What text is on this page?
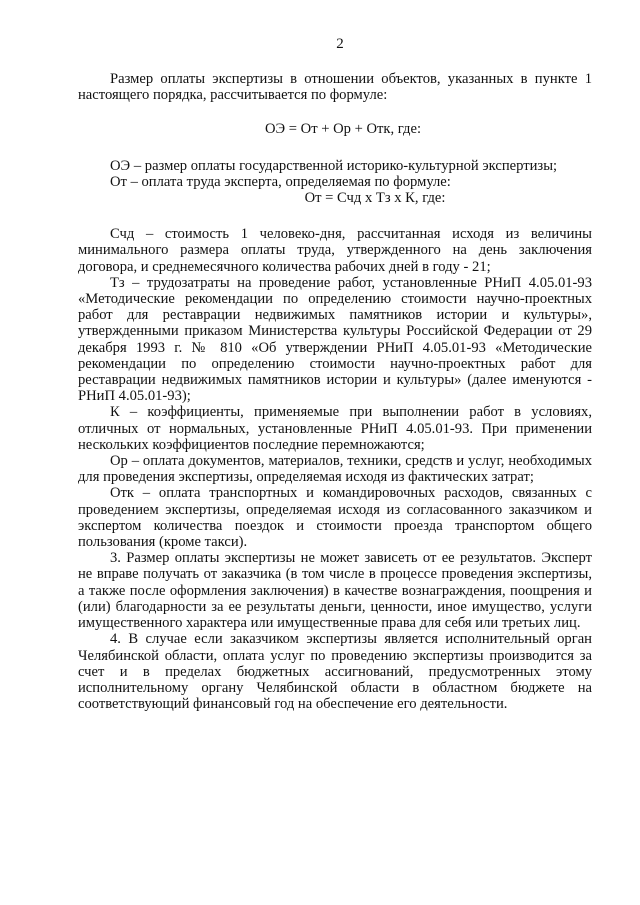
2

Размер оплаты экспертизы в отношении объектов, указанных в пункте 1 настоящего порядка, рассчитывается по формуле:

ОЭ = От + Ор + Отк, где:

ОЭ – размер оплаты государственной историко-культурной экспертизы;

От – оплата труда эксперта, определяемая по формуле:

От = Счд х Тз х К, где:

Счд – стоимость 1 человеко-дня, рассчитанная исходя из величины минимального размера оплаты труда, утвержденного на день заключения договора, и среднемесячного количества рабочих дней в году - 21;

Тз – трудозатраты на проведение работ, установленные РНиП 4.05.01-93 «Методические рекомендации по определению стоимости научно-проектных работ для реставрации недвижимых памятников истории и культуры», утвержденными приказом Министерства культуры Российской Федерации от 29 декабря 1993 г. № 810 «Об утверждении РНиП 4.05.01-93 «Методические рекомендации по определению стоимости научно-проектных работ для реставрации недвижимых памятников истории и культуры» (далее именуются - РНиП 4.05.01-93);

К – коэффициенты, применяемые при выполнении работ в условиях, отличных от нормальных, установленные РНиП 4.05.01-93. При применении нескольких коэффициентов последние перемножаются;

Ор – оплата документов, материалов, техники, средств и услуг, необходимых для проведения экспертизы, определяемая исходя из фактических затрат;

Отк – оплата транспортных и командировочных расходов, связанных с проведением экспертизы, определяемая исходя из согласованного заказчиком и экспертом количества поездок и стоимости проезда транспортом общего пользования (кроме такси).

3. Размер оплаты экспертизы не может зависеть от ее результатов. Эксперт не вправе получать от заказчика (в том числе в процессе проведения экспертизы, а также после оформления заключения) в качестве вознаграждения, поощрения и (или) благодарности за ее результаты деньги, ценности, иное имущество, услуги имущественного характера или имущественные права для себя или третьих лиц.

4. В случае если заказчиком экспертизы является исполнительный орган Челябинской области, оплата услуг по проведению экспертизы производится за счет и в пределах бюджетных ассигнований, предусмотренных этому исполнительному органу Челябинской области в областном бюджете на соответствующий финансовый год на обеспечение его деятельности.
